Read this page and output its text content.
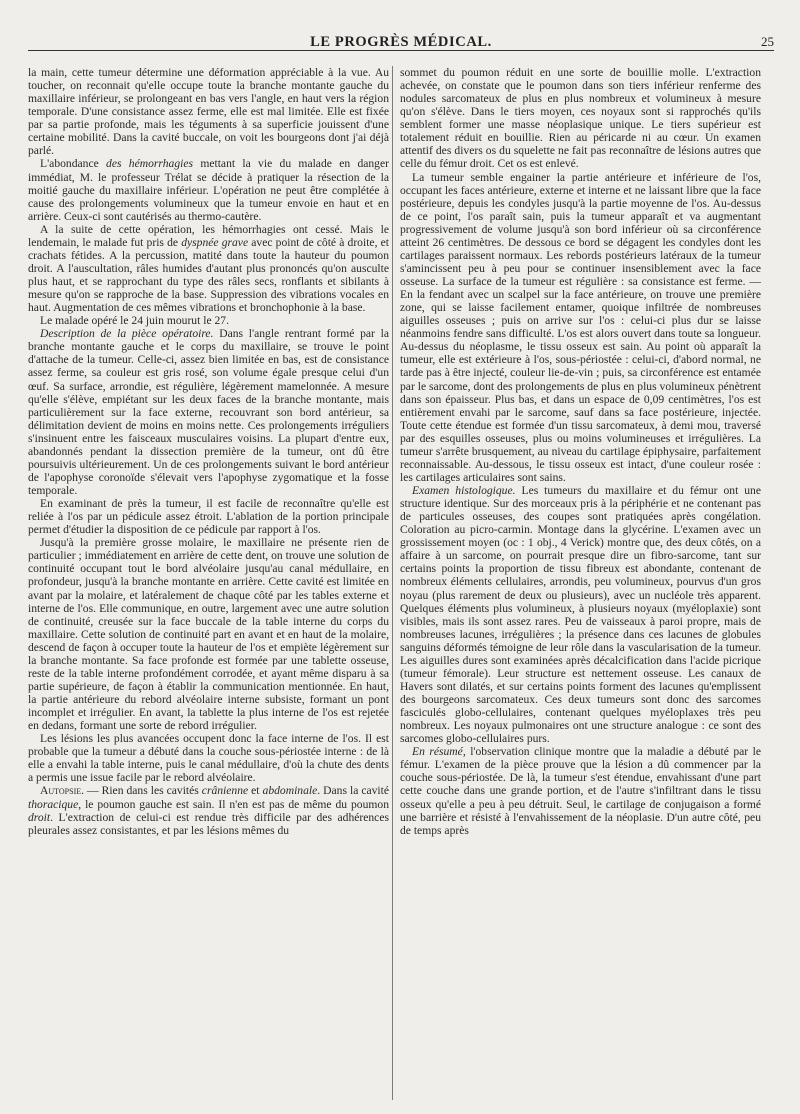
LE PROGRÈS MÉDICAL.	25

la main, cette tumeur détermine une déformation appréciable à la vue. Au toucher, on reconnait qu'elle occupe toute la branche montante gauche du maxillaire inférieur, se prolongeant en bas vers l'angle, en haut vers la région temporale. D'une consistance assez ferme, elle est mal limitée. Elle est fixée par sa partie profonde, mais les téguments à sa superficie jouissent d'une certaine mobilité. Dans la cavité buccale, on voit les bourgeons dont j'ai déjà parlé.

L'abondance des hémorrhagies mettant la vie du malade en danger immédiat, M. le professeur Trélat se décide à pratiquer la résection de la moitié gauche du maxillaire inférieur. L'opération ne peut être complétée à cause des prolongements volumineux que la tumeur envoie en haut et en arrière. Ceux-ci sont cautérisés au thermo-cautère.

A la suite de cette opération, les hémorrhagies ont cessé. Mais le lendemain, le malade fut pris de dyspnée grave avec point de côté à droite, et crachats fétides. A la percussion, matité dans toute la hauteur du poumon droit. A l'auscultation, râles humides d'autant plus prononcés qu'on ausculte plus haut, et se rapprochant du type des râles secs, ronflants et sibilants à mesure qu'on se rapproche de la base. Suppression des vibrations vocales en haut. Augmentation de ces mêmes vibrations et bronchophonie à la base.

Le malade opéré le 24 juin mourut le 27.

Description de la pièce opératoire. Dans l'angle rentrant formé par la branche montante gauche et le corps du maxillaire, se trouve le point d'attache de la tumeur. Celle-ci, assez bien limitée en bas, est de consistance assez ferme, sa couleur est gris rosé, son volume égale presque celui d'un œuf. Sa surface, arrondie, est régulière, légèrement mamelonnée. A mesure qu'elle s'élève, empiétant sur les deux faces de la branche montante, mais particulièrement sur la face externe, recouvrant son bord antérieur, sa délimitation devient de moins en moins nette. Ces prolongements irréguliers s'insinuent entre les faisceaux musculaires voisins. La plupart d'entre eux, abandonnés pendant la dissection première de la tumeur, ont dû être poursuivis ultérieurement. Un de ces prolongements suivant le bord antérieur de l'apophyse coronoïde s'élevait vers l'apophyse zygomatique et la fosse temporale.

En examinant de près la tumeur, il est facile de reconnaître qu'elle est reliée à l'os par un pédicule assez étroit. L'ablation de la portion principale permet d'étudier la disposition de ce pédicule par rapport à l'os.

Jusqu'à la première grosse molaire, le maxillaire ne présente rien de particulier ; immédiatement en arrière de cette dent, on trouve une solution de continuité occupant tout le bord alvéolaire jusqu'au canal médullaire, en profondeur, jusqu'à la branche montante en arrière. Cette cavité est limitée en avant par la molaire, et latéralement de chaque côté par les tables externe et interne de l'os. Elle communique, en outre, largement avec une autre solution de continuité, creusée sur la face buccale de la table interne du corps du maxillaire. Cette solution de continuité part en avant et en haut de la molaire, descend de façon à occuper toute la hauteur de l'os et empiète légèrement sur la branche montante. Sa face profonde est formée par une tablette osseuse, reste de la table interne profondément corrodée, et ayant même disparu à sa partie supérieure, de façon à établir la communication mentionnée. En haut, la partie antérieure du rebord alvéolaire interne subsiste, formant un pont incomplet et irrégulier. En avant, la tablette la plus interne de l'os est rejetée en dedans, formant une sorte de rebord irrégulier.

Les lésions les plus avancées occupent donc la face interne de l'os. Il est probable que la tumeur a débuté dans la couche sous-périostée interne : de là elle a envahi la table interne, puis le canal médullaire, d'où la chute des dents a permis une issue facile par le rebord alvéolaire.

Autopsie. — Rien dans les cavités crânienne et abdominale. Dans la cavité thoracique, le poumon gauche est sain. Il n'en est pas de même du poumon droit. L'extraction de celui-ci est rendue très difficile par des adhérences pleurales assez consistantes, et par les lésions mêmes du

sommet du poumon réduit en une sorte de bouillie molle. L'extraction achevée, on constate que le poumon dans son tiers inférieur renferme des nodules sarcomateux de plus en plus nombreux et volumineux à mesure qu'on s'élève. Dans le tiers moyen, ces noyaux sont si rapprochés qu'ils semblent former une masse néoplasique unique. Le tiers supérieur est totalement réduit en bouillie. Rien au péricarde ni au cœur. Un examen attentif des divers os du squelette ne fait pas reconnaître de lésions autres que celle du fémur droit. Cet os est enlevé.

La tumeur semble engainer la partie antérieure et inférieure de l'os, occupant les faces antérieure, externe et interne et ne laissant libre que la face postérieure, depuis les condyles jusqu'à la partie moyenne de l'os. Au-dessus de ce point, l'os paraît sain, puis la tumeur apparaît et va augmentant progressivement de volume jusqu'à son bord inférieur où sa circonférence atteint 26 centimètres. De dessous ce bord se dégagent les condyles dont les cartilages paraissent normaux. Les rebords postérieurs latéraux de la tumeur s'amincissent peu à peu pour se continuer insensiblement avec la face osseuse. La surface de la tumeur est régulière : sa consistance est ferme. — En la fendant avec un scalpel sur la face antérieure, on trouve une première zone, qui se laisse facilement entamer, quoique infiltrée de nombreuses aiguilles osseuses ; puis on arrive sur l'os : celui-ci plus dur se laisse néanmoins fendre sans difficulté. L'os est alors ouvert dans toute sa longueur. Au-dessus du néoplasme, le tissu osseux est sain. Au point où apparaît la tumeur, elle est extérieure à l'os, sous-périostée : celui-ci, d'abord normal, ne tarde pas à être injecté, couleur lie-de-vin ; puis, sa circonférence est entamée par le sarcome, dont des prolongements de plus en plus volumineux pénètrent dans son épaisseur. Plus bas, et dans un espace de 0,09 centimètres, l'os est entièrement envahi par le sarcome, sauf dans sa face postérieure, injectée. Toute cette étendue est formée d'un tissu sarcomateux, à demi mou, traversé par des esquilles osseuses, plus ou moins volumineuses et irrégulières. La tumeur s'arrête brusquement, au niveau du cartilage épiphysaire, parfaitement reconnaissable. Au-dessous, le tissu osseux est intact, d'une couleur rosée : les cartilages articulaires sont sains.

Examen histologique. Les tumeurs du maxillaire et du fémur ont une structure identique. Sur des morceaux pris à la périphérie et ne contenant pas de particules osseuses, des coupes sont pratiquées après congélation. Coloration au picro-carmin. Montage dans la glycérine. L'examen avec un grossissement moyen (oc : 1 obj., 4 Verick) montre que, des deux côtés, on a affaire à un sarcome, on pourrait presque dire un fibro-sarcome, tant sur certains points la proportion de tissu fibreux est abondante, contenant de nombreux éléments cellulaires, arrondis, peu volumineux, pourvus d'un gros noyau (plus rarement de deux ou plusieurs), avec un nucléole très apparent. Quelques éléments plus volumineux, à plusieurs noyaux (myéloplaxie) sont visibles, mais ils sont assez rares. Peu de vaisseaux à paroi propre, mais de nombreuses lacunes, irrégulières ; la présence dans ces lacunes de globules sanguins déformés témoigne de leur rôle dans la vascularisation de la tumeur. Les aiguilles dures sont examinées après décalcification dans l'acide picrique (tumeur fémorale). Leur structure est nettement osseuse. Les canaux de Havers sont dilatés, et sur certains points forment des lacunes qu'emplissent des bourgeons sarcomateux. Ces deux tumeurs sont donc des sarcomes fasciculés globo-cellulaires, contenant quelques myéloplaxes très peu nombreux. Les noyaux pulmonaires ont une structure analogue : ce sont des sarcomes globo-cellulaires purs.

En résumé, l'observation clinique montre que la maladie a débuté par le fémur. L'examen de la pièce prouve que la lésion a dû commencer par la couche sous-périostée. De là, la tumeur s'est étendue, envahissant d'une part cette couche dans une grande portion, et de l'autre s'infiltrant dans le tissu osseux qu'elle a peu à peu détruit. Seul, le cartilage de conjugaison a formé une barrière et résisté à l'envahissement de la néoplasie. D'un autre côté, peu de temps après
